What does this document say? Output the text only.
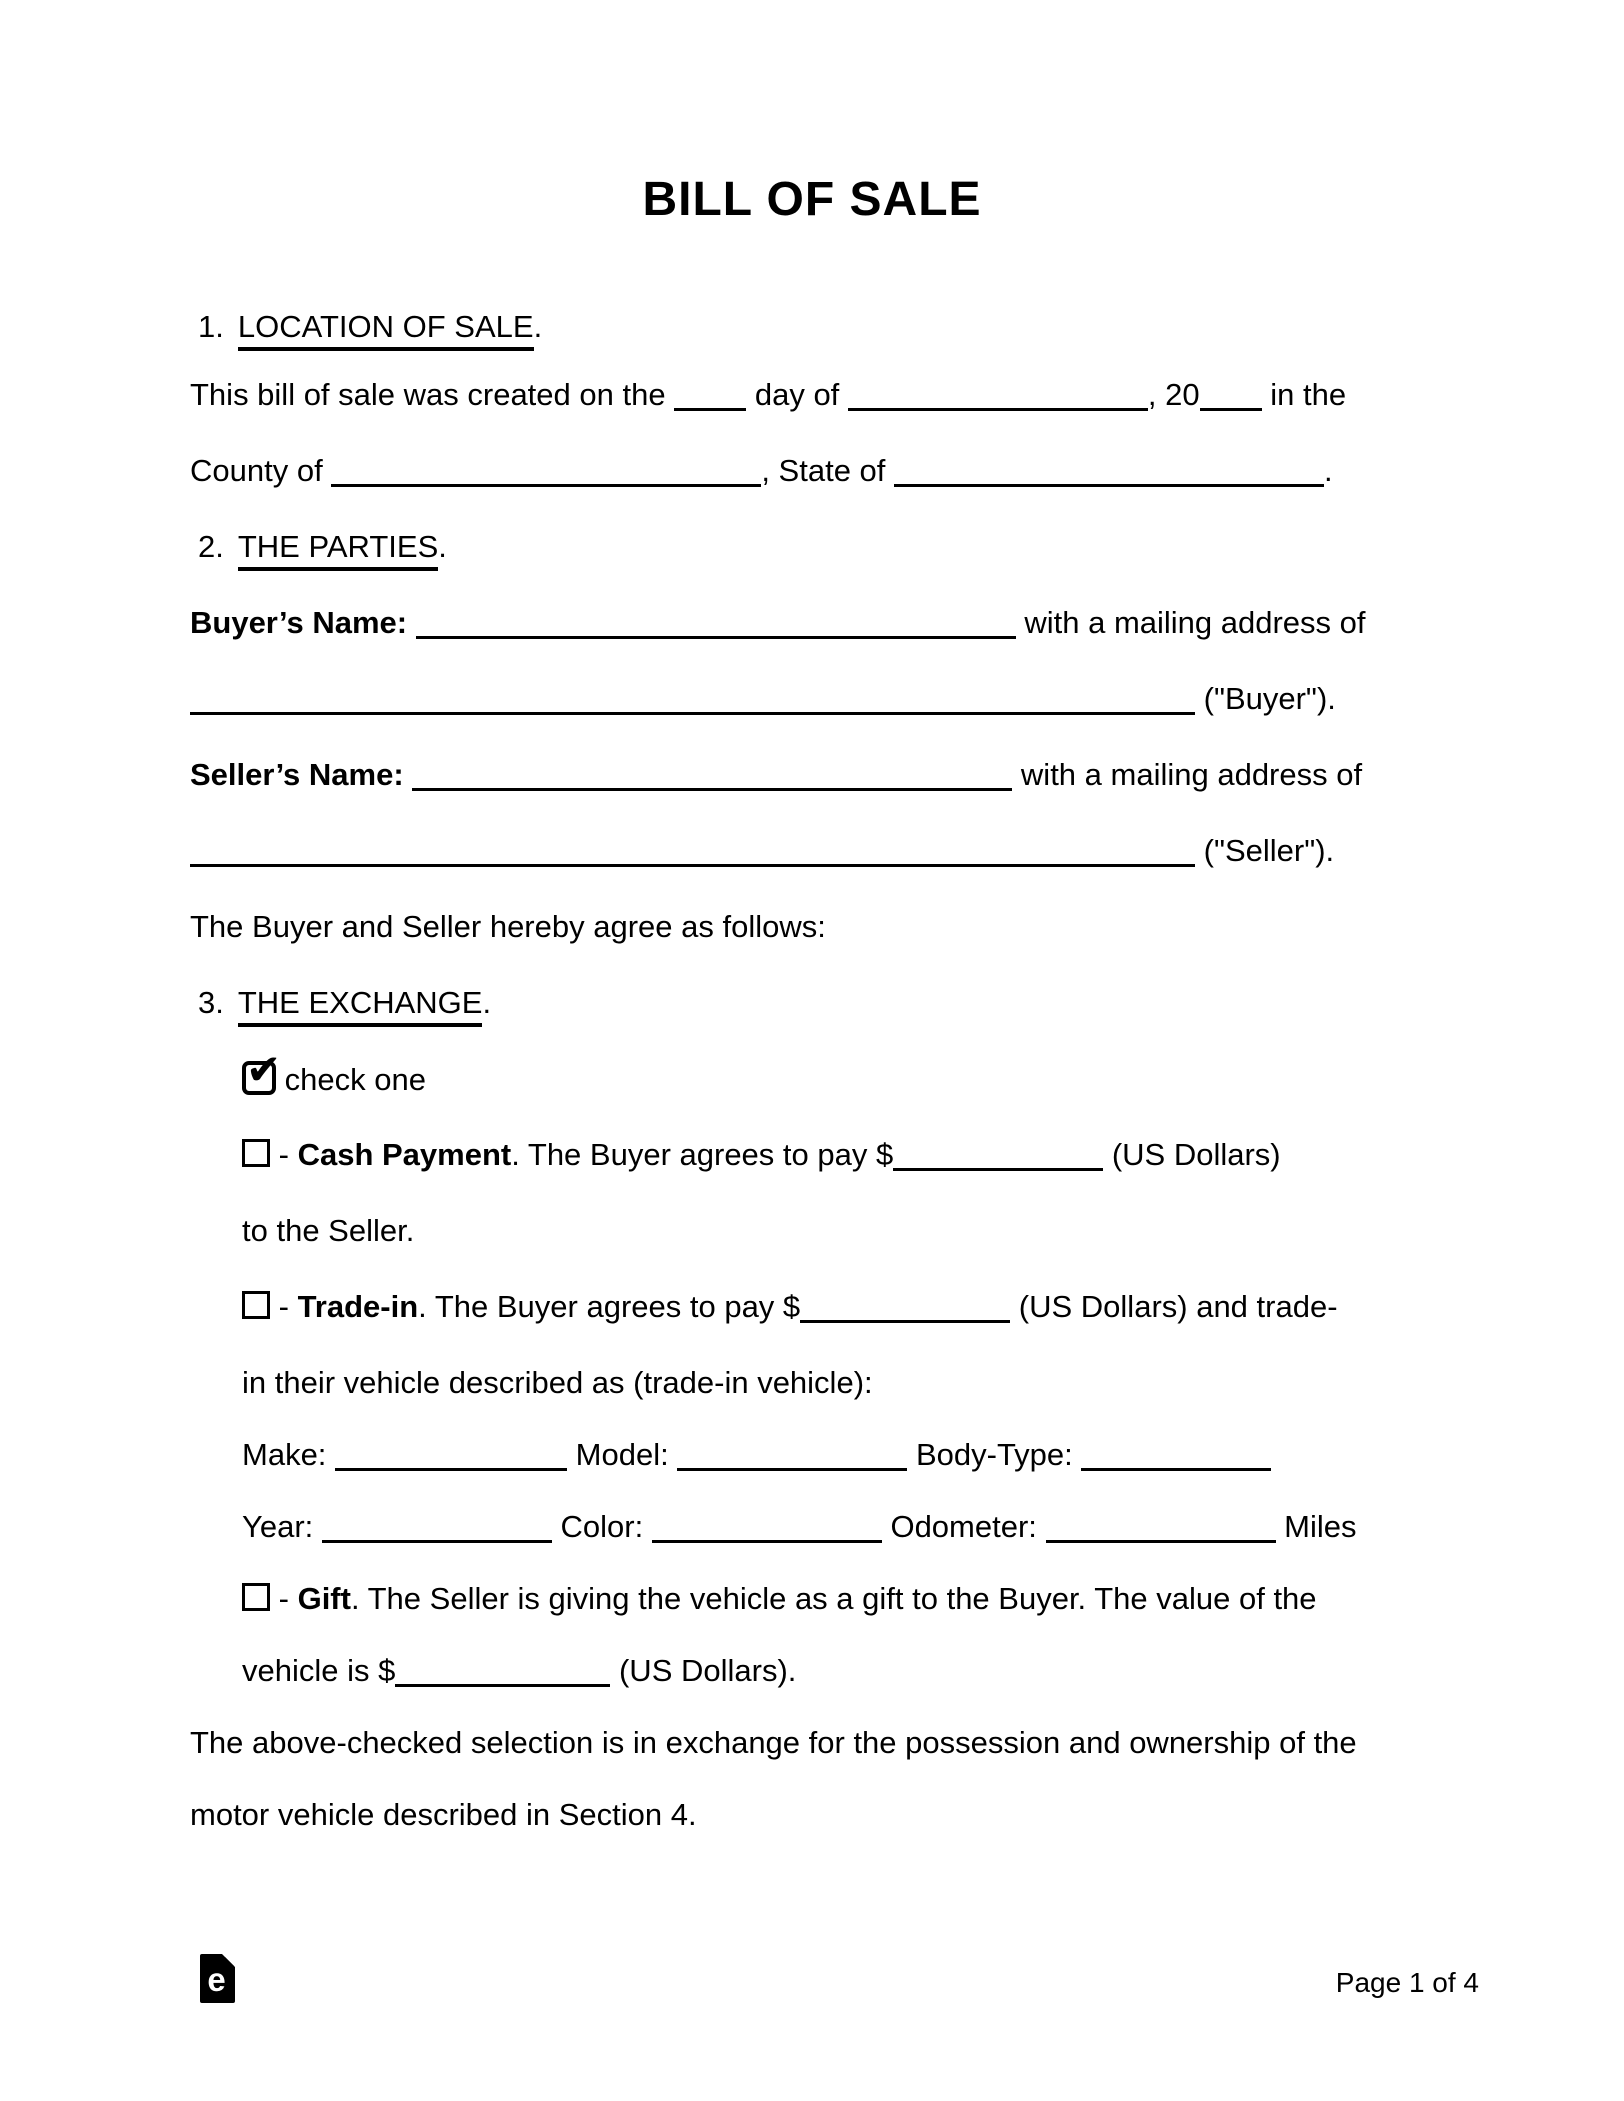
BILL OF SALE
1. LOCATION OF SALE.
This bill of sale was created on the	day of	, 20 in the
County of	, State of	.
2. THE PARTIES.
Buyer’s Name:	with a mailing address of
("Buyer").
Seller’s Name:	with a mailing address of
("Seller").
The Buyer and Seller hereby agree as follows:
3. THE EXCHANGE.
✔ check one
- Cash Payment. The Buyer agrees to pay $	(US Dollars)
to the Seller.
- Trade-in. The Buyer agrees to pay $	(US Dollars) and trade-
in their vehicle described as (trade-in vehicle):
Make:	Model:	Body-Type:
Year:	Color:	Odometer:	Miles
- Gift. The Seller is giving the vehicle as a gift to the Buyer. The value of the
vehicle is $	(US Dollars).
The above-checked selection is in exchange for the possession and ownership of the
motor vehicle described in Section 4.
e	Page 1 of 4
